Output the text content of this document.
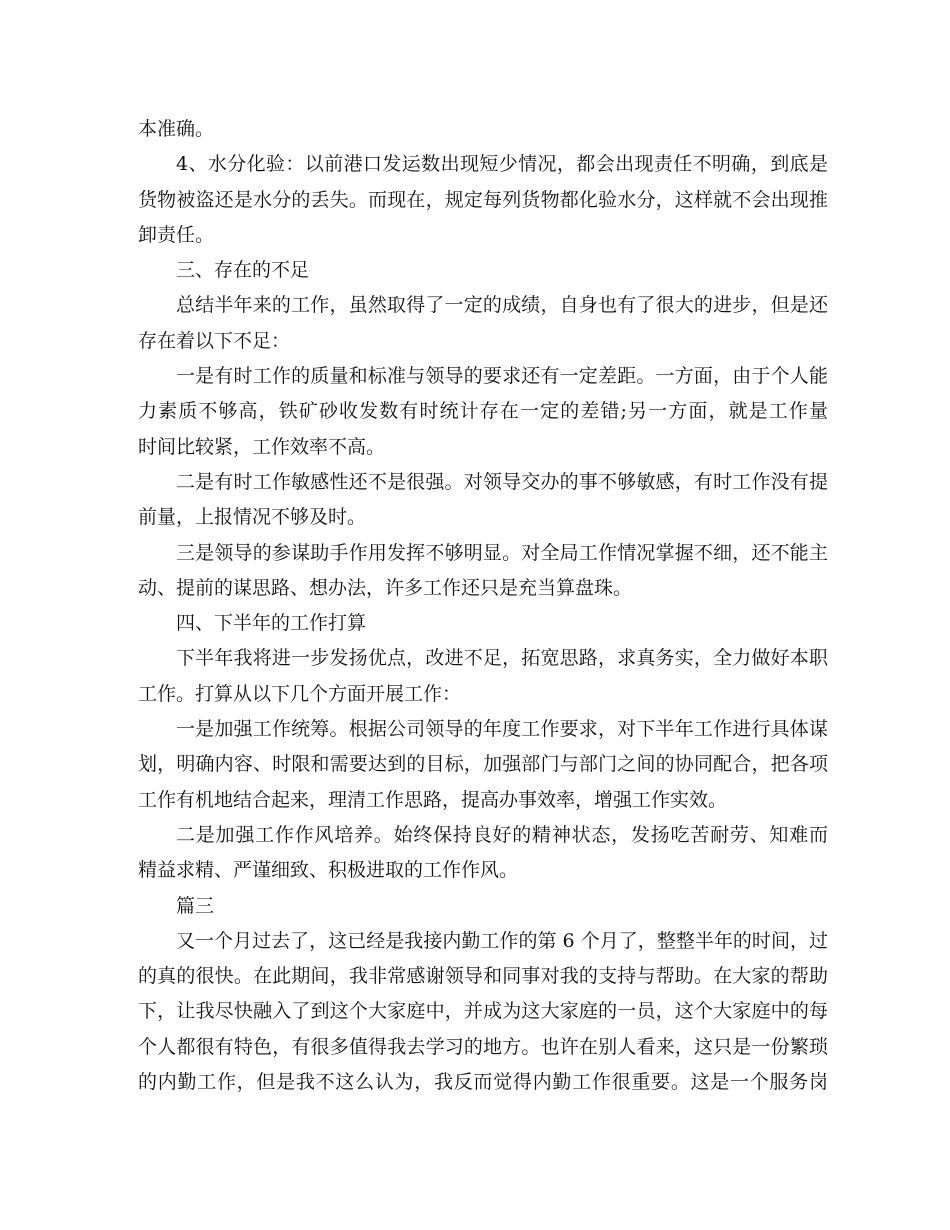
本准确。
4、水分化验：以前港口发运数出现短少情况，都会出现责任不明确，到底是
货物被盗还是水分的丢失。而现在，规定每列货物都化验水分，这样就不会出现推
卸责任。
三、存在的不足
总结半年来的工作，虽然取得了一定的成绩，自身也有了很大的进步，但是还
存在着以下不足：
一是有时工作的质量和标准与领导的要求还有一定差距。一方面，由于个人能
力素质不够高，铁矿砂收发数有时统计存在一定的差错;另一方面，就是工作量
时间比较紧，工作效率不高。
二是有时工作敏感性还不是很强。对领导交办的事不够敏感，有时工作没有提
前量，上报情况不够及时。
三是领导的参谋助手作用发挥不够明显。对全局工作情况掌握不细，还不能主
动、提前的谋思路、想办法，许多工作还只是充当算盘珠。
四、下半年的工作打算
下半年我将进一步发扬优点，改进不足，拓宽思路，求真务实，全力做好本职
工作。打算从以下几个方面开展工作：
一是加强工作统筹。根据公司领导的年度工作要求，对下半年工作进行具体谋
划，明确内容、时限和需要达到的目标，加强部门与部门之间的协同配合，把各项
工作有机地结合起来，理清工作思路，提高办事效率，增强工作实效。
二是加强工作作风培养。始终保持良好的精神状态，发扬吃苦耐劳、知难而
精益求精、严谨细致、积极进取的工作作风。
篇三
又一个月过去了，这已经是我接内勤工作的第 6 个月了，整整半年的时间，过
的真的很快。在此期间，我非常感谢领导和同事对我的支持与帮助。在大家的帮助
下，让我尽快融入了到这个大家庭中，并成为这大家庭的一员，这个大家庭中的每
个人都很有特色，有很多值得我去学习的地方。也许在别人看来，这只是一份繁琐
的内勤工作，但是我不这么认为，我反而觉得内勤工作很重要。这是一个服务岗
